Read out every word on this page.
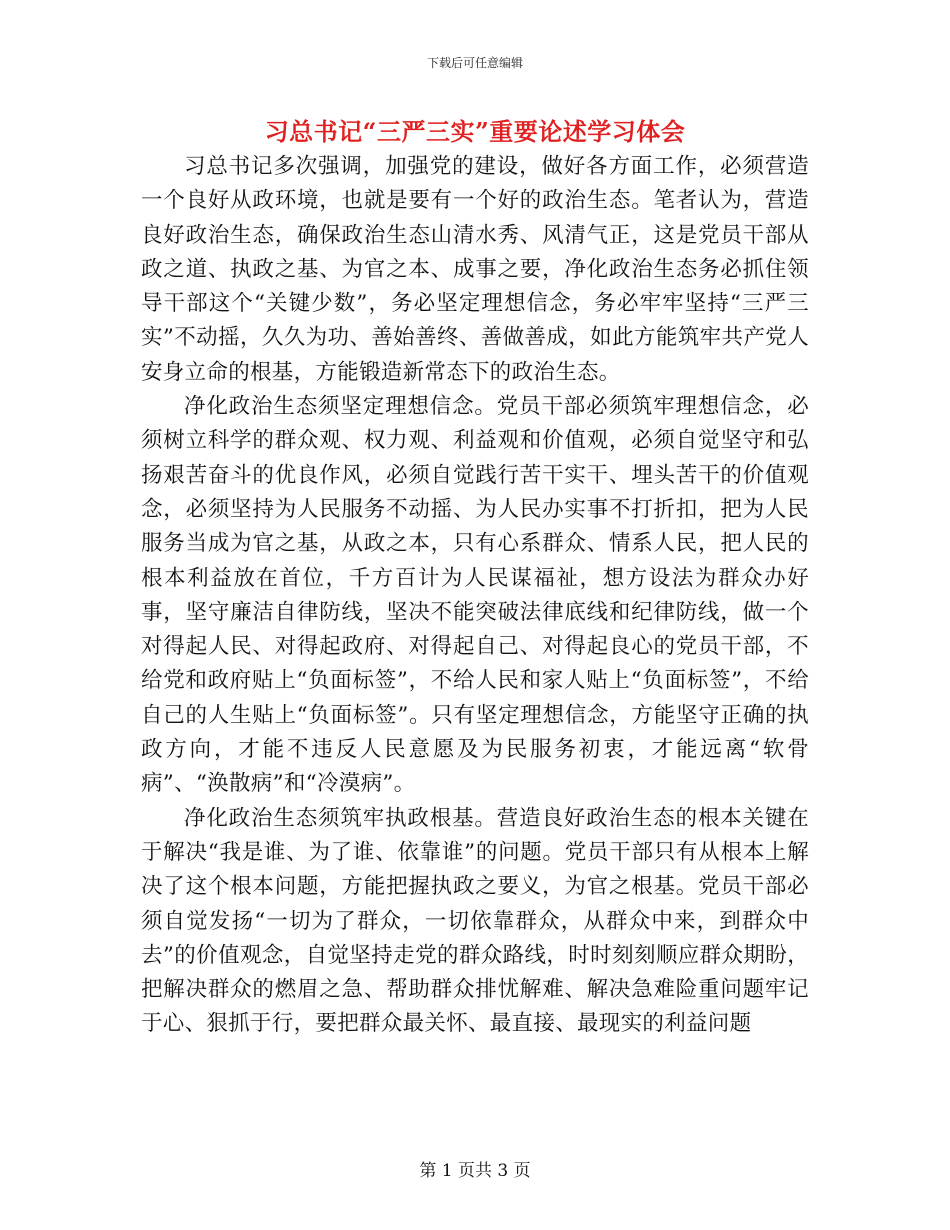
下载后可任意编辑
习总书记“三严三实”重要论述学习体会

习总书记多次强调，加强党的建设，做好各方面工作，必须营造一个良好从政环境，也就是要有一个好的政治生态。笔者认为，营造良好政治生态，确保政治生态山清水秀、风清气正，这是党员干部从政之道、执政之基、为官之本、成事之要，净化政治生态务必抓住领导干部这个“关键少数”，务必坚定理想信念，务必牢牢坚持“三严三实”不动摇，久久为功、善始善终、善做善成，如此方能筑牢共产党人安身立命的根基，方能锻造新常态下的政治生态。

净化政治生态须坚定理想信念。党员干部必须筑牢理想信念，必须树立科学的群众观、权力观、利益观和价值观，必须自觉坚守和弘扬艰苦奋斗的优良作风，必须自觉践行苦干实干、埋头苦干的价值观念，必须坚持为人民服务不动摇、为人民办实事不打折扣，把为人民服务当成为官之基，从政之本，只有心系群众、情系人民，把人民的根本利益放在首位，千方百计为人民谋福祉，想方设法为群众办好事，坚守廉洁自律防线，坚决不能突破法律底线和纪律防线，做一个对得起人民、对得起政府、对得起自己、对得起良心的党员干部，不给党和政府贴上“负面标签”，不给人民和家人贴上“负面标签”，不给自己的人生贴上“负面标签”。只有坚定理想信念，方能坚守正确的执政方向，才能不违反人民意愿及为民服务初衷，才能远离“软骨病”、“涣散病”和“冷漠病”。

净化政治生态须筑牢执政根基。营造良好政治生态的根本关键在于解决“我是谁、为了谁、依靠谁”的问题。党员干部只有从根本上解决了这个根本问题，方能把握执政之要义，为官之根基。党员干部必须自觉发扬“一切为了群众，一切依靠群众，从群众中来，到群众中去”的价值观念，自觉坚持走党的群众路线，时时刻刻顺应群众期盼，把解决群众的燃眉之急、帮助群众排忧解难、解决急难险重问题牢记于心、狠抓于行，要把群众最关怀、最直接、最现实的利益问题

第 1 页共 3 页
